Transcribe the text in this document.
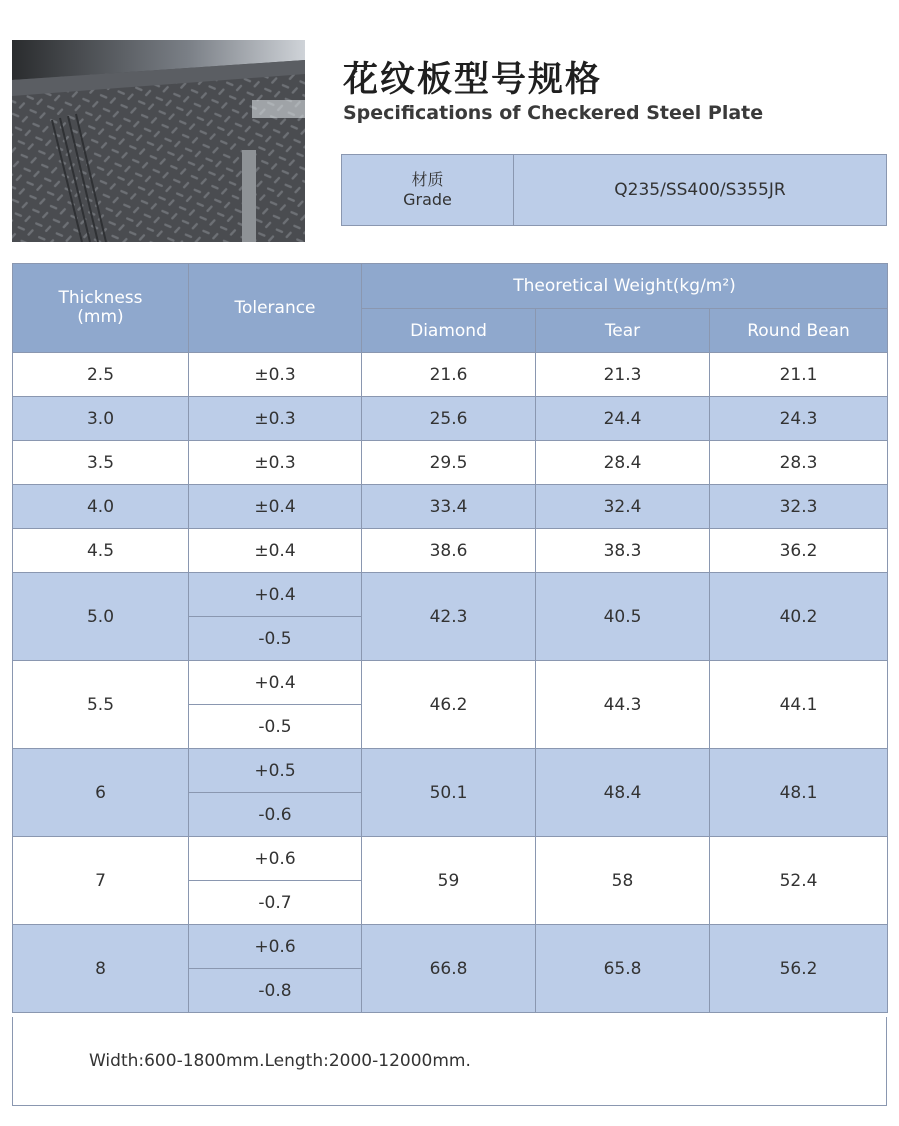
花纹板型号规格
Specifications of Checkered Steel Plate
材质
Grade	Q235/SS400/S355JR
Thickness
(mm)	Tolerance	Theoretical Weight(kg/m²)		
		Diamond	Tear	Round Bean
2.5	±0.3	21.6	21.3	21.1
3.0	±0.3	25.6	24.4	24.3
3.5	±0.3	29.5	28.4	28.3
4.0	±0.4	33.4	32.4	32.3
4.5	±0.4	38.6	38.3	36.2
5.0	+0.4	42.3	40.5	40.2
	-0.5			
5.5	+0.4	46.2	44.3	44.1
	-0.5			
6	+0.5	50.1	48.4	48.1
	-0.6			
7	+0.6	59	58	52.4
	-0.7			
8	+0.6	66.8	65.8	56.2
	-0.8			
Width:600-1800mm.Length:2000-12000mm.
